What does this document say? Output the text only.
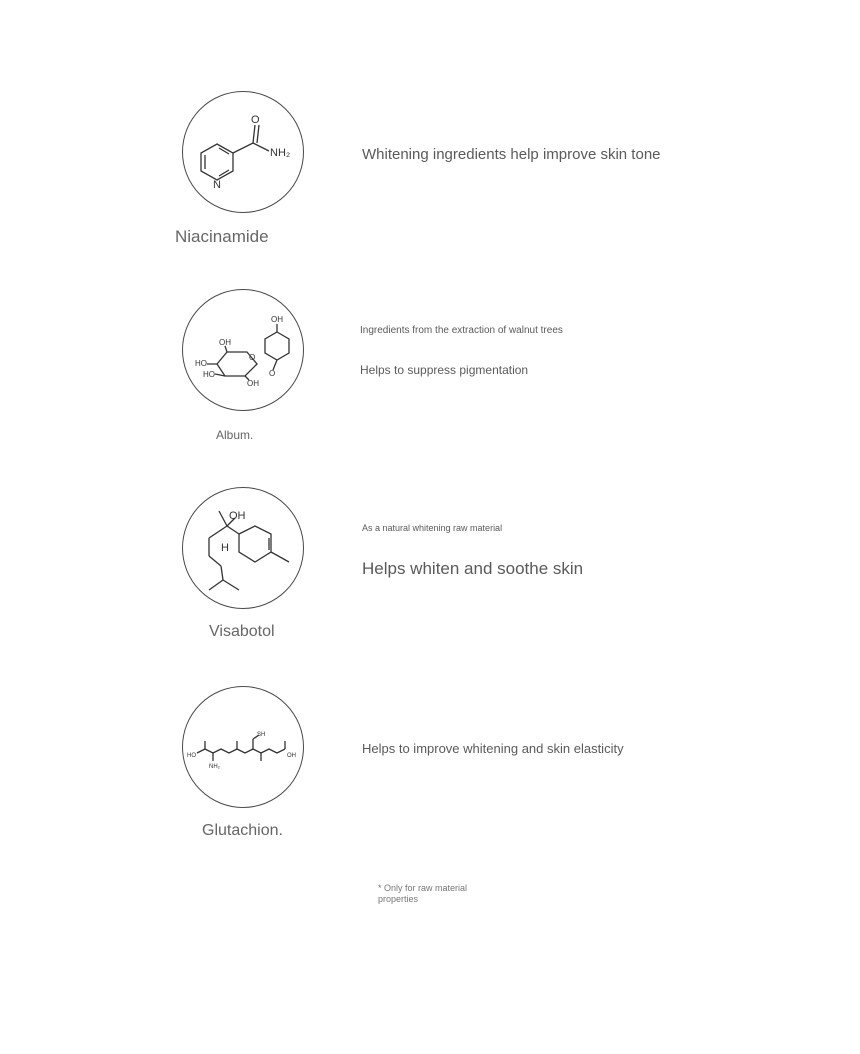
O
NH₂
N
Niacinamide
Whitening ingredients help improve skin tone
OH
OH
HO
HO
O
OH
O
Album.
Ingredients from the extraction of walnut trees
Helps to suppress pigmentation
OH
H
Visabotol
As a natural whitening raw material
Helps whiten and soothe skin
HO
NH₂
SH
OH
Glutachion.
Helps to improve whitening and skin elasticity
* Only for raw material properties
